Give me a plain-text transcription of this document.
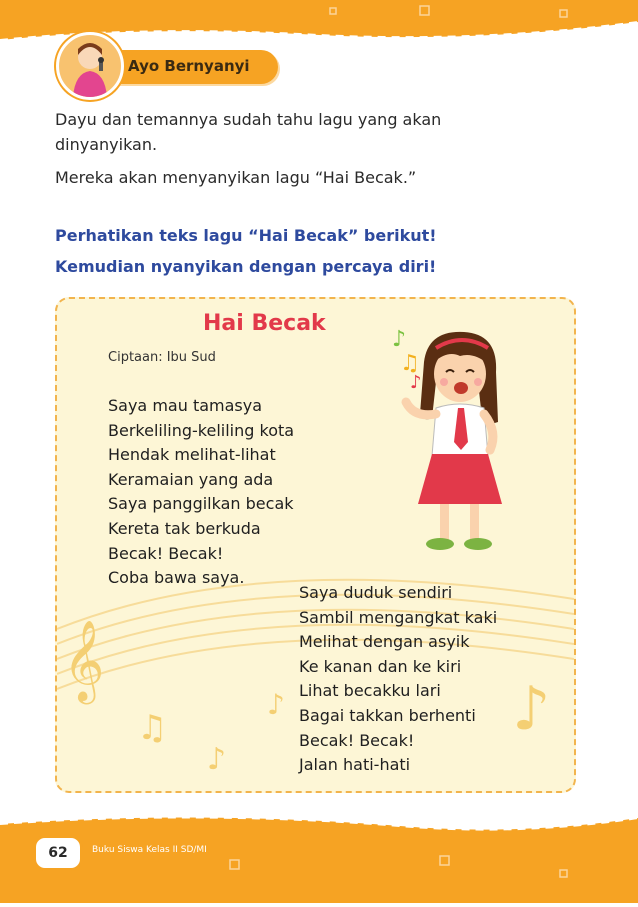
Ayo Bernyanyi
Dayu dan temannya sudah tahu lagu yang akan
dinyanyikan.
Mereka akan menyanyikan lagu “Hai Becak.”
Perhatikan teks lagu “Hai Becak” berikut!
Kemudian nyanyikan dengan percaya diri!
𝄞
♫
♪
♪	♪
Hai Becak
Ciptaan: Ibu Sud
Saya mau tamasya
Berkeliling-keliling kota
Hendak melihat-lihat
Keramaian yang ada
Saya panggilkan becak
Kereta tak berkuda
Becak! Becak!
Coba bawa saya.
Saya duduk sendiri
Sambil mengangkat kaki
Melihat dengan asyik
Ke kanan dan ke kiri
Lihat becakku lari
Bagai takkan berhenti
Becak! Becak!
Jalan hati-hati
♪
♫
♪
62	Buku Siswa Kelas II SD/MI
